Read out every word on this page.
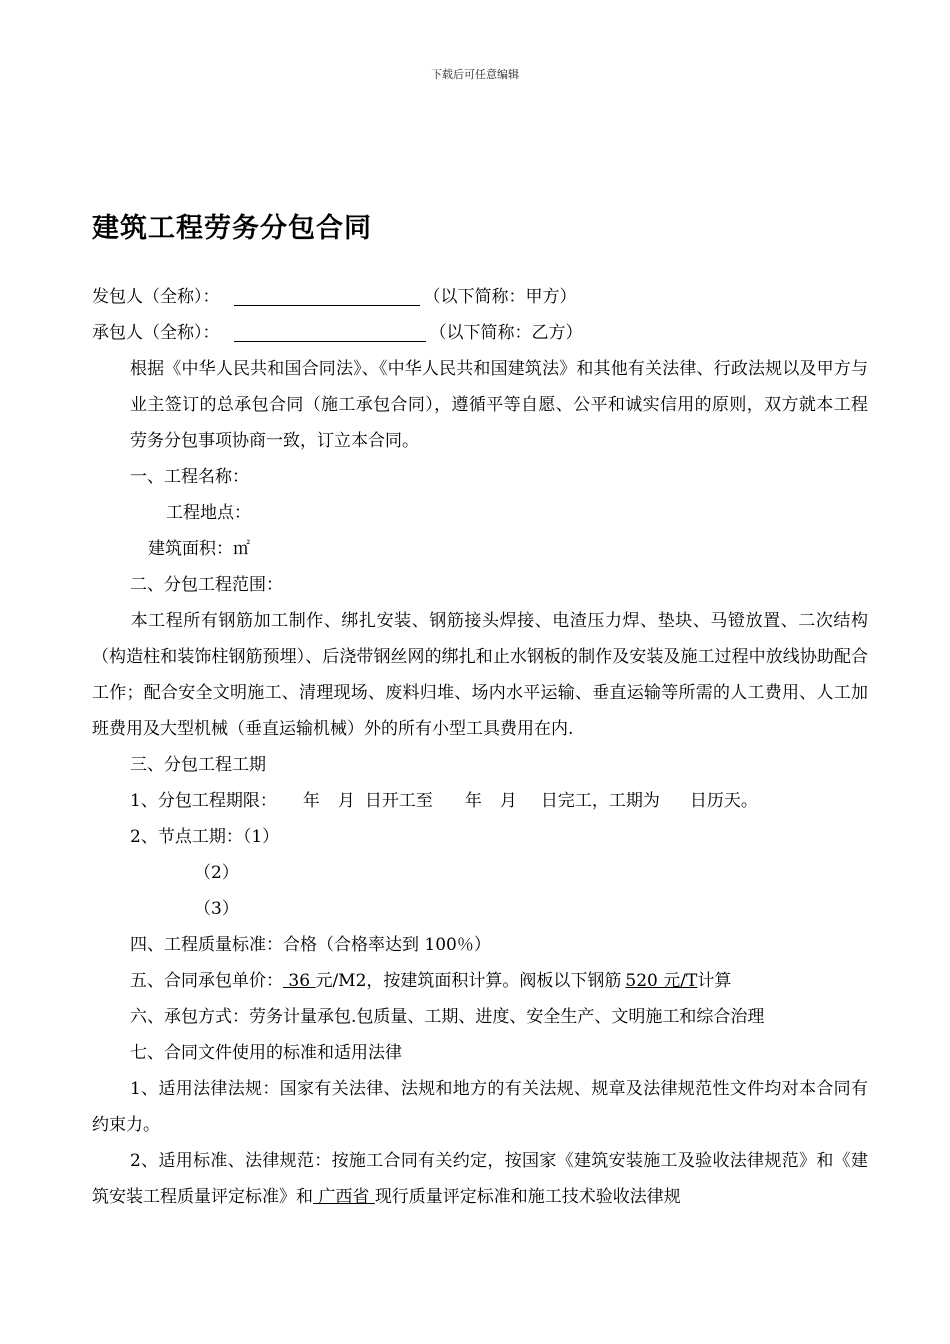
下载后可任意编辑
建筑工程劳务分包合同
发包人（全称）：	（以下简称：甲方）
承包人（全称）：	（以下简称：乙方）
根据《中华人民共和国合同法》、《中华人民共和国建筑法》和其他有关法律、行政法规以及甲方与业主签订的总承包合同（施工承包合同），遵循平等自愿、公平和诚实信用的原则，双方就本工程劳务分包事项协商一致，订立本合同。
一、工程名称：
工程地点：
建筑面积：㎡
二、分包工程范围：
本工程所有钢筋加工制作、绑扎安装、钢筋接头焊接、电渣压力焊、垫块、马镫放置、二次结构（构造柱和装饰柱钢筋预埋）、后浇带钢丝网的绑扎和止水钢板的制作及安装及施工过程中放线协助配合工作；配合安全文明施工、清理现场、废料归堆、场内水平运输、垂直运输等所需的人工费用、人工加班费用及大型机械（垂直运输机械）外的所有小型工具费用在内.
三、分包工程工期
1、分包工程期限： 年 月 日开工至 年 月 日完工，工期为 日历天。
2、节点工期：（1）
（2）
（3）
四、工程质量标准：合格（合格率达到 100％）
五、合同承包单价： 36 元/M2，按建筑面积计算。阀板以下钢筋 520 元/T计算
六、承包方式：劳务计量承包.包质量、工期、进度、安全生产、文明施工和综合治理
七、合同文件使用的标准和适用法律
1、适用法律法规：国家有关法律、法规和地方的有关法规、规章及法律规范性文件均对本合同有约束力。
2、适用标准、法律规范：按施工合同有关约定，按国家《建筑安装施工及验收法律规范》和《建筑安装工程质量评定标准》和 广西省 现行质量评定标准和施工技术验收法律规
